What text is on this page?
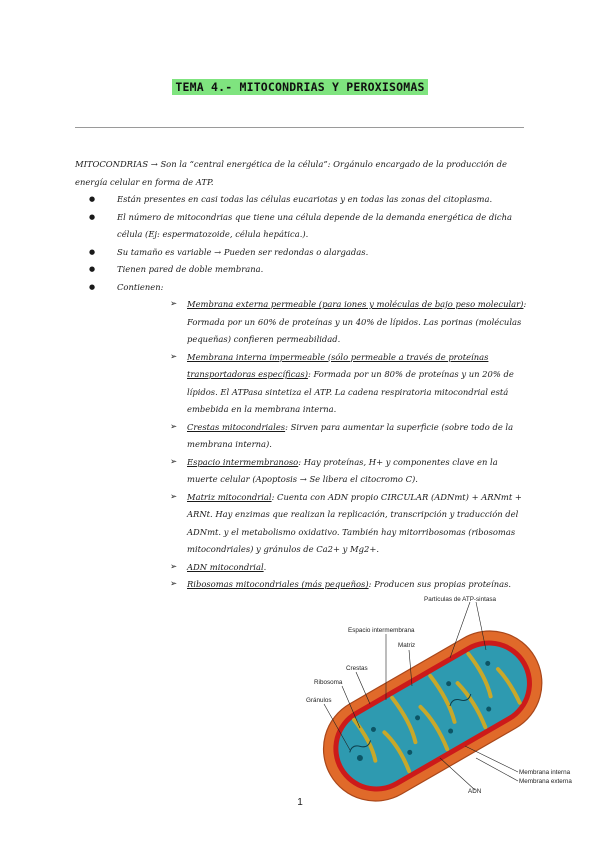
TEMA 4.- MITOCONDRIAS Y PEROXISOMAS

MITOCONDRIAS → Son la “central energética de la célula”: Orgánulo encargado de la producción de energía celular en forma de ATP.

● Están presentes en casi todas las células eucariotas y en todas las zonas del citoplasma.
● El número de mitocondrias que tiene una célula depende de la demanda energética de dicha célula (Ej: espermatozoide, célula hepática.).
● Su tamaño es variable → Pueden ser redondas o alargadas.
● Tienen pared de doble membrana.
● Contienen:
➢ Membrana externa permeable (para iones y moléculas de bajo peso molecular): Formada por un 60% de proteínas y un 40% de lípidos. Las porinas (moléculas pequeñas) confieren permeabilidad.
➢ Membrana interna impermeable (sólo permeable a través de proteínas transportadoras específicas): Formada por un 80% de proteínas y un 20% de lípidos. El ATPasa sintetiza el ATP. La cadena respiratoria mitocondrial está embebida en la membrana interna.
➢ Crestas mitocondriales: Sirven para aumentar la superficie (sobre todo de la membrana interna).
➢ Espacio intermembranoso: Hay proteínas, H+ y componentes clave en la muerte celular (Apoptosis → Se libera el citocromo C).
➢ Matriz mitocondrial: Cuenta con ADN propio CIRCULAR (ADNmt) + ARNmt + ARNt. Hay enzimas que realizan la replicación, transcripción y traducción del ADNmt. y el metabolismo oxidativo. También hay mitorribosomas (ribosomas mitocondriales) y gránulos de Ca2+ y Mg2+.
➢ ADN mitocondrial.
➢ Ribosomas mitocondriales (más pequeños): Producen sus propias proteínas.
Partículas de ATP-sintasa
Espacio intermembrana
Matriz
Crestas
Ribosoma
Gránulos
Membrana interna
Membrana externa
ADN
1
